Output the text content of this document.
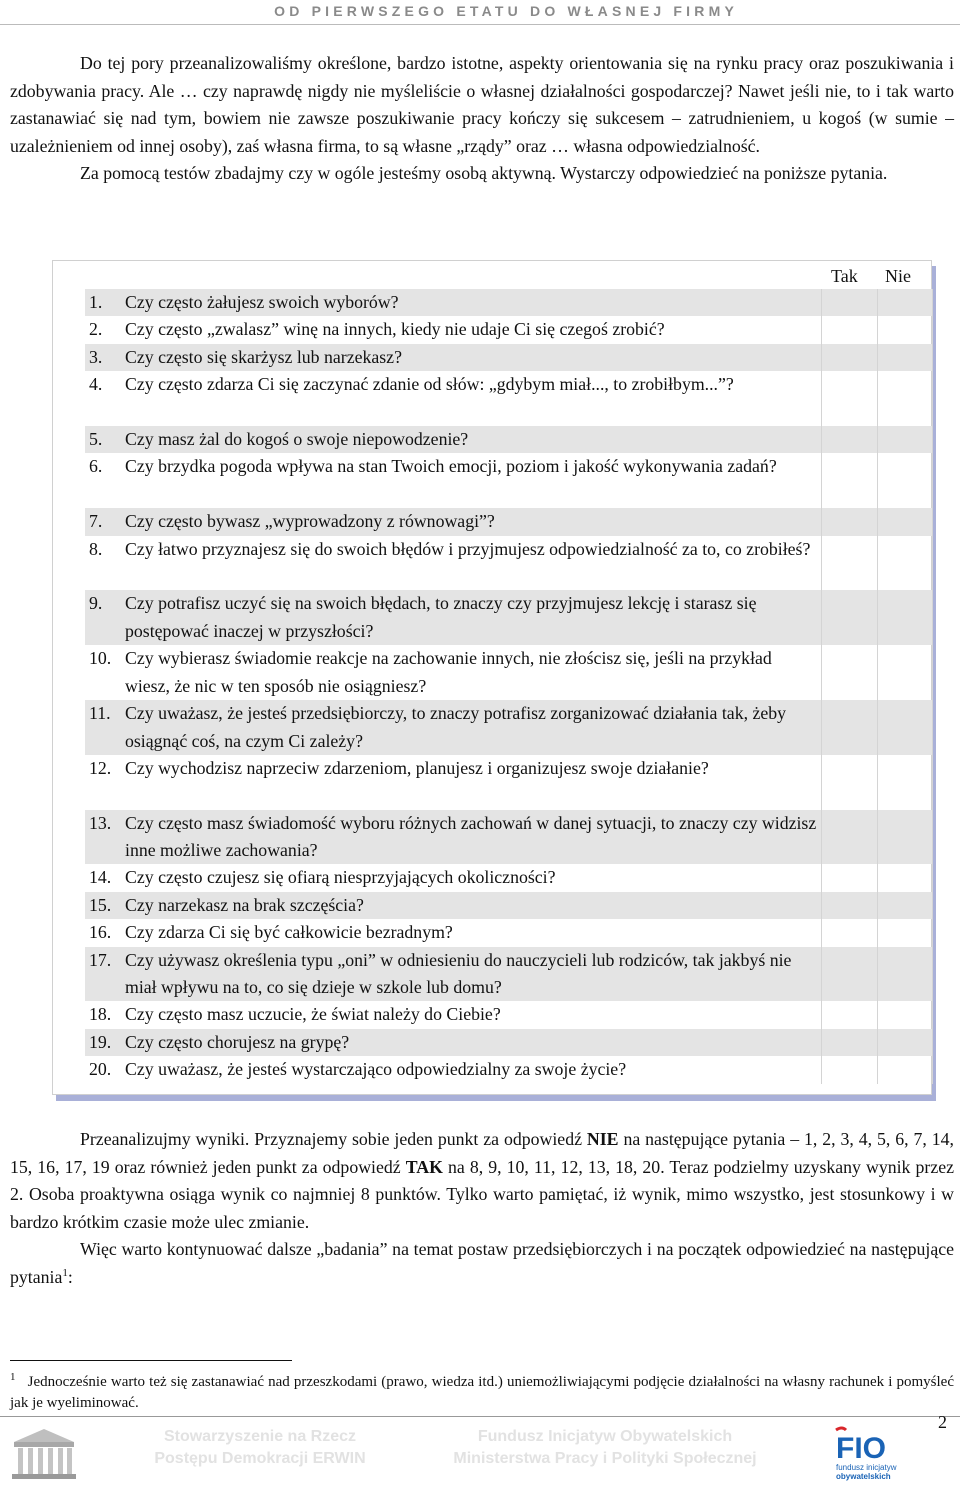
OD PIERWSZEGO ETATU DO WŁASNEJ FIRMY

Do tej pory przeanalizowaliśmy określone, bardzo istotne, aspekty orientowania się na rynku pracy oraz poszukiwania i zdobywania pracy. Ale … czy naprawdę nigdy nie myśleliście o własnej działalności gospodarczej? Nawet jeśli nie, to i tak warto zastanawiać się nad tym, bowiem nie zawsze poszukiwanie pracy kończy się sukcesem – zatrudnieniem, u kogoś (w sumie – uzależnieniem od innej osoby), zaś własna firma, to są własne „rządy” oraz … własna odpowiedzialność.

Za pomocą testów zbadajmy czy w ogóle jesteśmy osobą aktywną. Wystarczy odpowiedzieć na poniższe pytania.

Tak Nie
1. Czy często żałujesz swoich wyborów?
2. Czy często „zwalasz” winę na innych, kiedy nie udaje Ci się czegoś zrobić?
3. Czy często się skarżysz lub narzekasz?
4. Czy często zdarza Ci się zaczynać zdanie od słów: „gdybym miał..., to zrobiłbym...”?
5. Czy masz żal do kogoś o swoje niepowodzenie?
6. Czy brzydka pogoda wpływa na stan Twoich emocji, poziom i jakość wykonywania zadań?
7. Czy często bywasz „wyprowadzony z równowagi”?
8. Czy łatwo przyznajesz się do swoich błędów i przyjmujesz odpowiedzialność za to, co zrobiłeś?
9. Czy potrafisz uczyć się na swoich błędach, to znaczy czy przyjmujesz lekcję i starasz się postępować inaczej w przyszłości?
10. Czy wybierasz świadomie reakcje na zachowanie innych, nie złościsz się, jeśli na przykład wiesz, że nic w ten sposób nie osiągniesz?
11. Czy uważasz, że jesteś przedsiębiorczy, to znaczy potrafisz zorganizować działania tak, żeby osiągnąć coś, na czym Ci zależy?
12. Czy wychodzisz naprzeciw zdarzeniom, planujesz i organizujesz swoje działanie?
13. Czy często masz świadomość wyboru różnych zachowań w danej sytuacji, to znaczy czy widzisz inne możliwe zachowania?
14. Czy często czujesz się ofiarą niesprzyjających okoliczności?
15. Czy narzekasz na brak szczęścia?
16. Czy zdarza Ci się być całkowicie bezradnym?
17. Czy używasz określenia typu „oni” w odniesieniu do nauczycieli lub rodziców, tak jakbyś nie miał wpływu na to, co się dzieje w szkole lub domu?
18. Czy często masz uczucie, że świat należy do Ciebie?
19. Czy często chorujesz na grypę?
20. Czy uważasz, że jesteś wystarczająco odpowiedzialny za swoje życie?

Przeanalizujmy wyniki. Przyznajemy sobie jeden punkt za odpowiedź NIE na następujące pytania – 1, 2, 3, 4, 5, 6, 7, 14, 15, 16, 17, 19 oraz również jeden punkt za odpowiedź TAK na 8, 9, 10, 11, 12, 13, 18, 20. Teraz podzielmy uzyskany wynik przez 2. Osoba proaktywna osiąga wynik co najmniej 8 punktów. Tylko warto pamiętać, iż wynik, mimo wszystko, jest stosunkowy i w bardzo krótkim czasie może ulec zmianie.

Więc warto kontynuować dalsze „badania” na temat postaw przedsiębiorczych i na początek odpowiedzieć na następujące pytania$^1$:

$^1$ Jednocześnie warto też się zastanawiać nad przeszkodami (prawo, wiedza itd.) uniemożliwiającymi podjęcie działalności na własny rachunek i pomyśleć jak je wyeliminować.
2
Stowarzyszenie na Rzecz
Postępu Demokracji ERWIN
Fundusz Inicjatyw Obywatelskich
Ministerstwa Pracy i Polityki Społecznej	FIO
fundusz inicjatyw
obywatelskich
